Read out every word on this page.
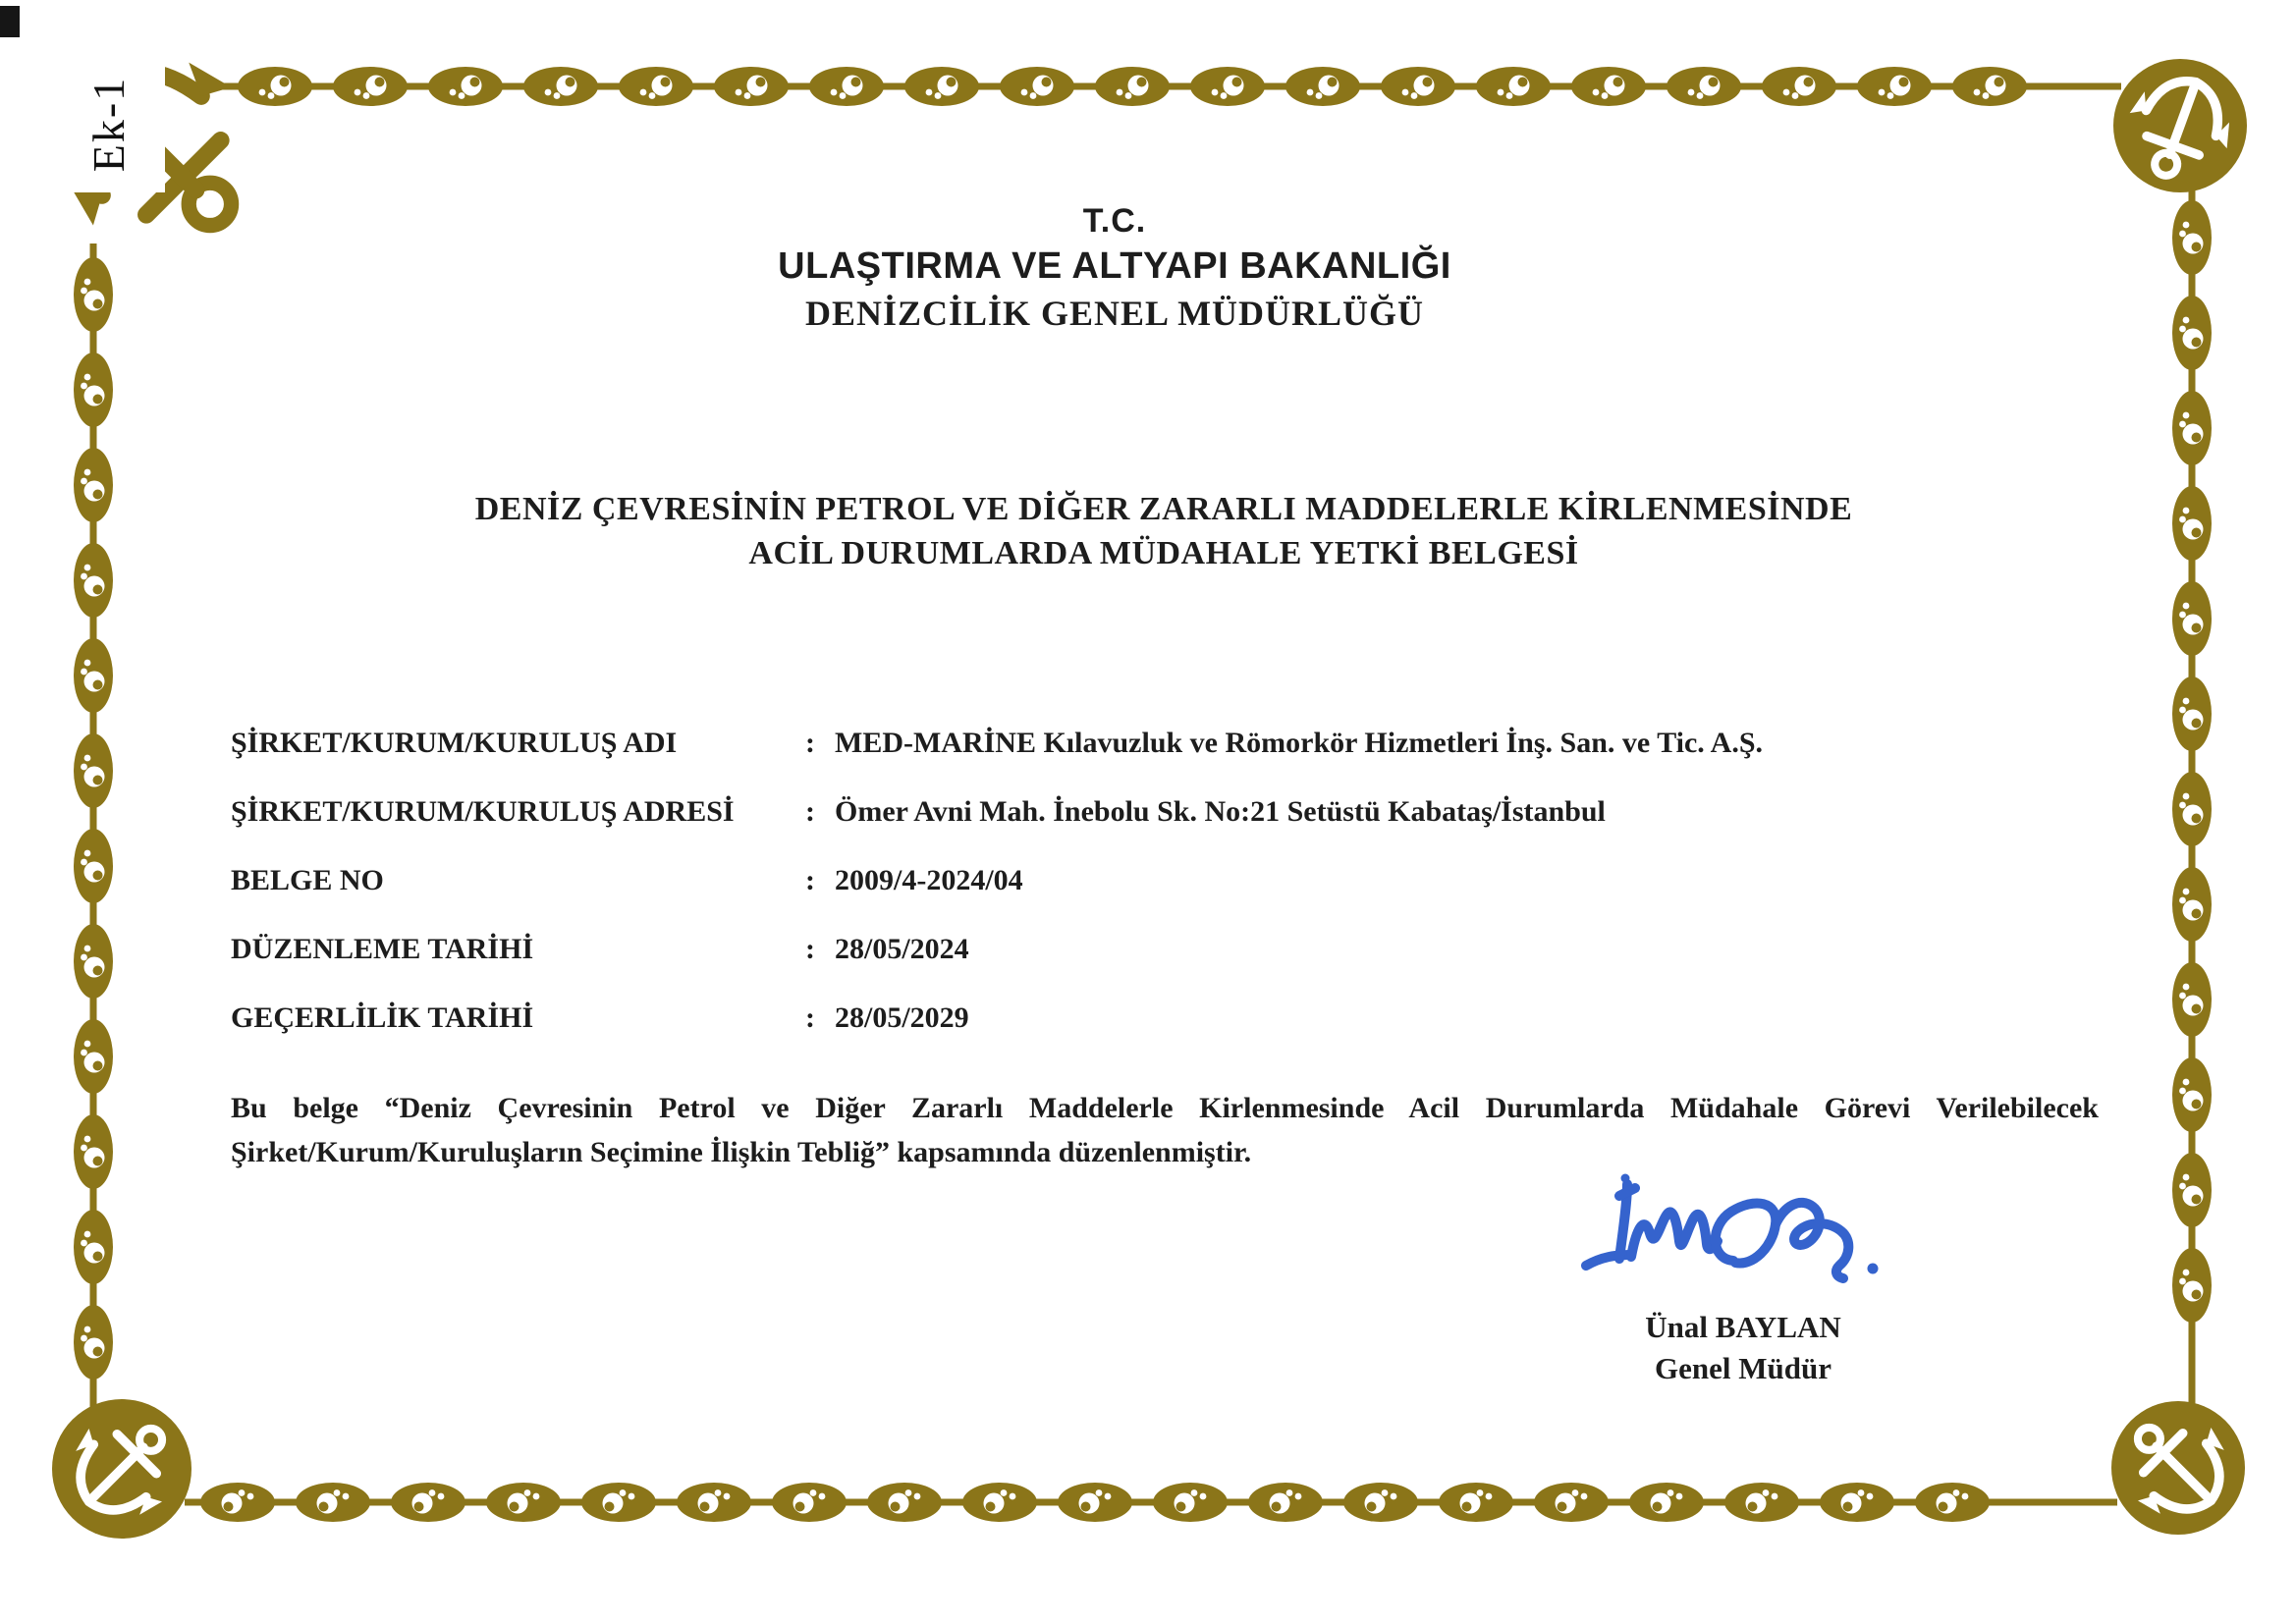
Ek-1
T.C.
ULAŞTIRMA VE ALTYAPI BAKANLIĞI
DENİZCİLİK GENEL MÜDÜRLÜĞÜ
DENİZ ÇEVRESİNİN PETROL VE DİĞER ZARARLI MADDELERLE KİRLENMESİNDE
ACİL DURUMLARDA MÜDAHALE YETKİ BELGESİ
ŞİRKET/KURUM/KURULUŞ ADI	: MED-MARİNE Kılavuzluk ve Römorkör Hizmetleri İnş. San. ve Tic. A.Ş.
ŞİRKET/KURUM/KURULUŞ ADRESİ	: Ömer Avni Mah. İnebolu Sk. No:21 Setüstü Kabataş/İstanbul
BELGE NO	: 2009/4-2024/04
DÜZENLEME TARİHİ	: 28/05/2024
GEÇERLİLİK TARİHİ	: 28/05/2029

Bu belge “Deniz Çevresinin Petrol ve Diğer Zararlı Maddelerle Kirlenmesinde Acil Durumlarda Müdahale Görevi Verilebilecek Şirket/Kurum/Kuruluşların Seçimine İlişkin Tebliğ” kapsamında düzenlenmiştir.

Ünal BAYLAN
Genel Müdür
